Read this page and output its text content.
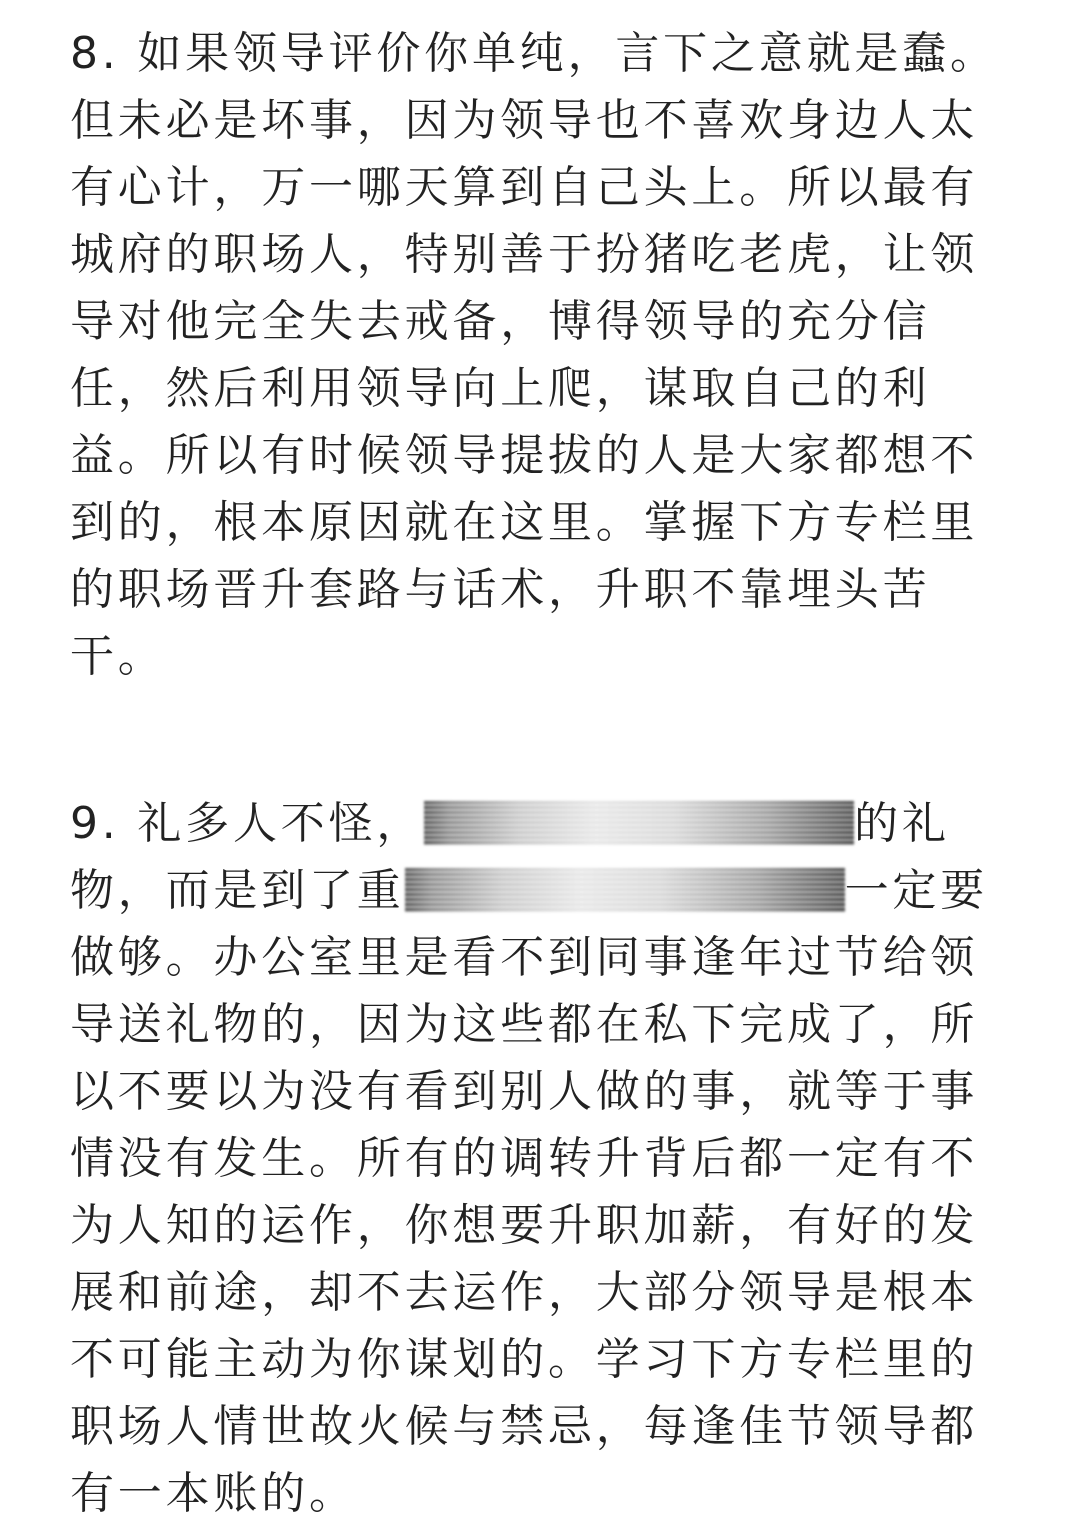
8. 如果领导评价你单纯，言下之意就是蠢。
但未必是坏事，因为领导也不喜欢身边人太
有心计，万一哪天算到自己头上。所以最有
城府的职场人，特别善于扮猪吃老虎，让领
导对他完全失去戒备，博得领导的充分信
任，然后利用领导向上爬，谋取自己的利
益。所以有时候领导提拔的人是大家都想不
到的，根本原因就在这里。掌握下方专栏里
的职场晋升套路与话术，升职不靠埋头苦
干。
9. 礼多人不怪，	的礼
物，而是到了重	一定要
做够。办公室里是看不到同事逢年过节给领
导送礼物的，因为这些都在私下完成了，所
以不要以为没有看到别人做的事，就等于事
情没有发生。所有的调转升背后都一定有不
为人知的运作，你想要升职加薪，有好的发
展和前途，却不去运作，大部分领导是根本
不可能主动为你谋划的。学习下方专栏里的
职场人情世故火候与禁忌，每逢佳节领导都
有一本账的。
